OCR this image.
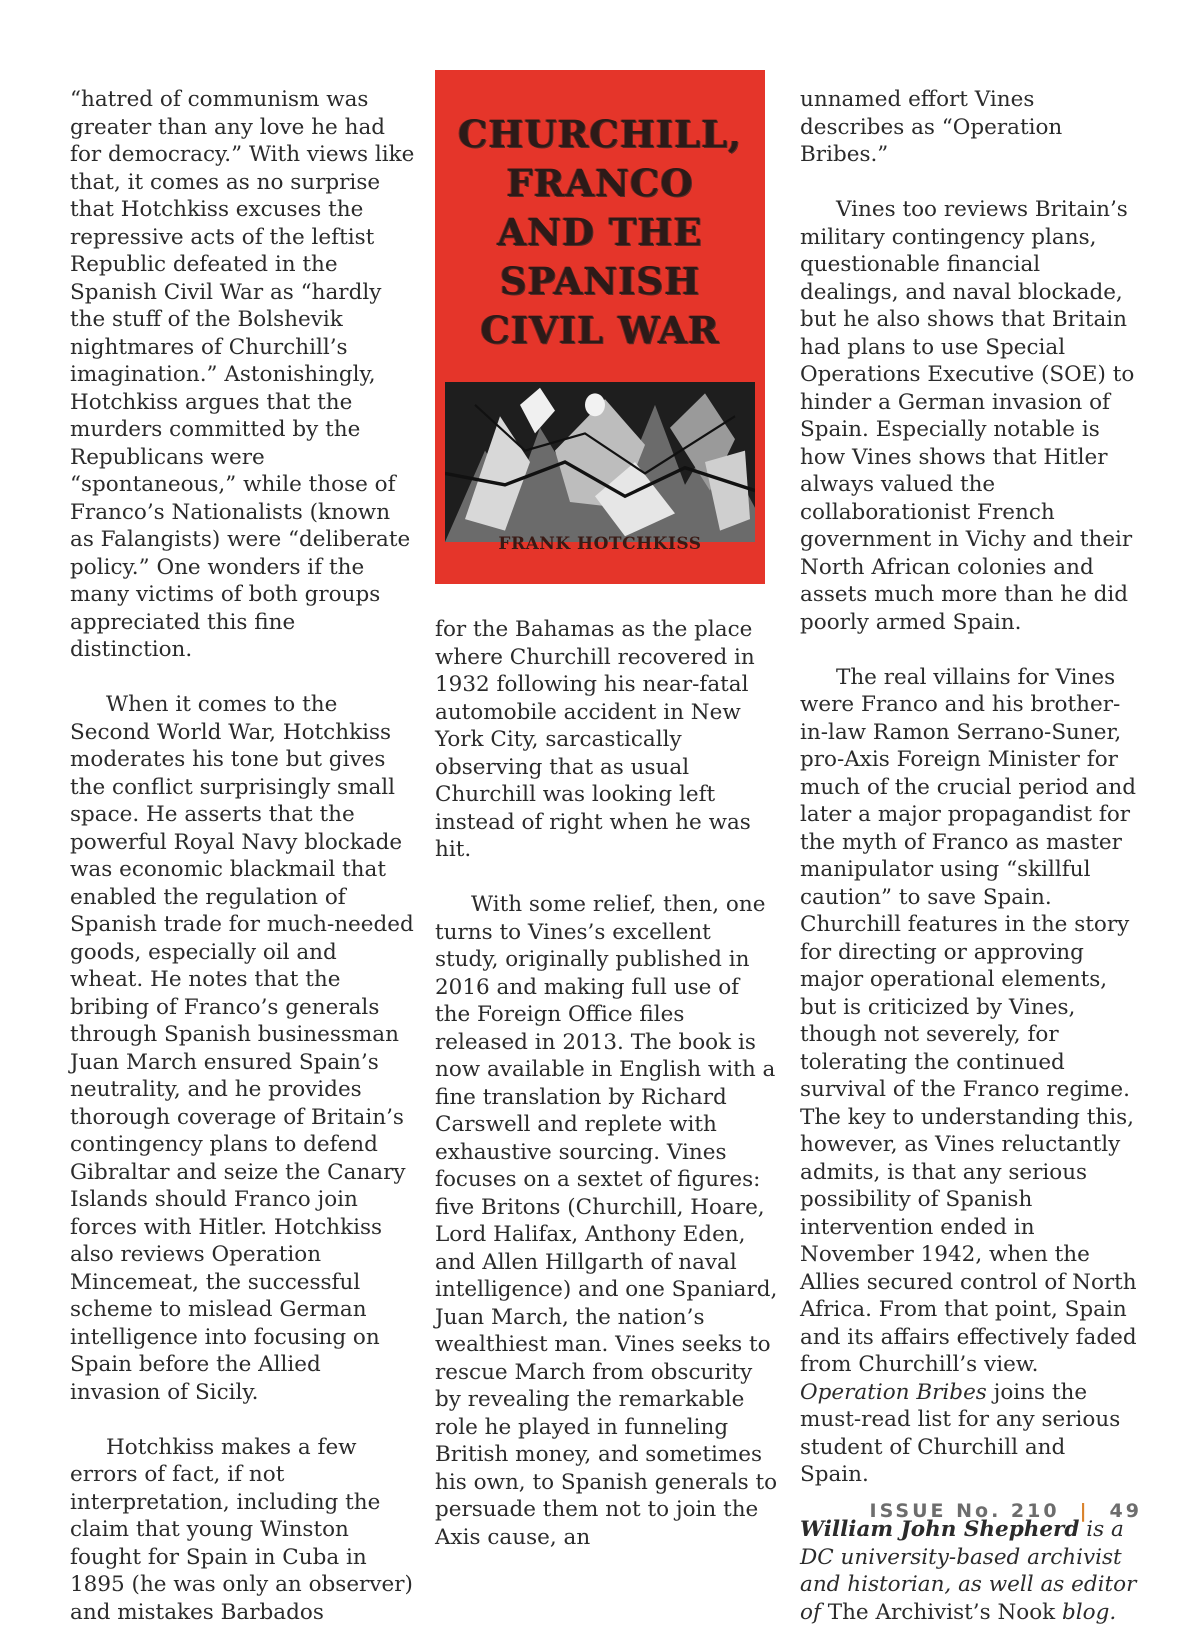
“hatred of communism was greater than any love he had for democracy.” With views like that, it comes as no surprise that Hotchkiss excuses the repressive acts of the leftist Republic defeated in the Spanish Civil War as “hardly the stuff of the Bolshevik nightmares of Churchill’s imagination.” Astonishingly, Hotchkiss argues that the murders committed by the Republicans were “spontaneous,” while those of Franco’s Nationalists (known as Falangists) were “deliberate policy.” One wonders if the many victims of both groups appreciated this fine distinction.

When it comes to the Second World War, Hotchkiss moderates his tone but gives the conflict surprisingly small space. He asserts that the powerful Royal Navy blockade was economic blackmail that enabled the regulation of Spanish trade for much-needed goods, especially oil and wheat. He notes that the bribing of Franco’s generals through Spanish businessman Juan March ensured Spain’s neutrality, and he provides thorough coverage of Britain’s contingency plans to defend Gibraltar and seize the Canary Islands should Franco join forces with Hitler. Hotchkiss also reviews Operation Mincemeat, the successful scheme to mislead German intelligence into focusing on Spain before the Allied invasion of Sicily.

Hotchkiss makes a few errors of fact, if not interpretation, including the claim that young Winston fought for Spain in Cuba in 1895 (he was only an observer) and mistakes Barbados

CHURCHILL,
FRANCO
AND THE
SPANISH
CIVIL WAR
FRANK HOTCHKISS

for the Bahamas as the place where Churchill recovered in 1932 following his near-fatal automobile accident in New York City, sarcastically observing that as usual Churchill was looking left instead of right when he was hit.

With some relief, then, one turns to Vines’s excellent study, originally published in 2016 and making full use of the Foreign Office files released in 2013. The book is now available in English with a fine translation by Richard Carswell and replete with exhaustive sourcing. Vines focuses on a sextet of figures: five Britons (Churchill, Hoare, Lord Halifax, Anthony Eden, and Allen Hillgarth of naval intelligence) and one Spaniard, Juan March, the nation’s wealthiest man. Vines seeks to rescue March from obscurity by revealing the remarkable role he played in funneling British money, and sometimes his own, to Spanish generals to persuade them not to join the Axis cause, an

unnamed effort Vines describes as “Operation Bribes.”

Vines too reviews Britain’s military contingency plans, questionable financial dealings, and naval blockade, but he also shows that Britain had plans to use Special Operations Executive (SOE) to hinder a German invasion of Spain. Especially notable is how Vines shows that Hitler always valued the collaborationist French government in Vichy and their North African colonies and assets much more than he did poorly armed Spain.

The real villains for Vines were Franco and his brother-in-law Ramon Serrano-Suner, pro-Axis Foreign Minister for much of the crucial period and later a major propagandist for the myth of Franco as master manipulator using “skillful caution” to save Spain. Churchill features in the story for directing or approving major operational elements, but is criticized by Vines, though not severely, for tolerating the continued survival of the Franco regime. The key to understanding this, however, as Vines reluctantly admits, is that any serious possibility of Spanish intervention ended in November 1942, when the Allies secured control of North Africa. From that point, Spain and its affairs effectively faded from Churchill’s view. Operation Bribes joins the must-read list for any serious student of Churchill and Spain.

William John Shepherd is a DC university-based archivist and historian, as well as editor of The Archivist’s Nook blog.

ISSUE No. 210 | 49
